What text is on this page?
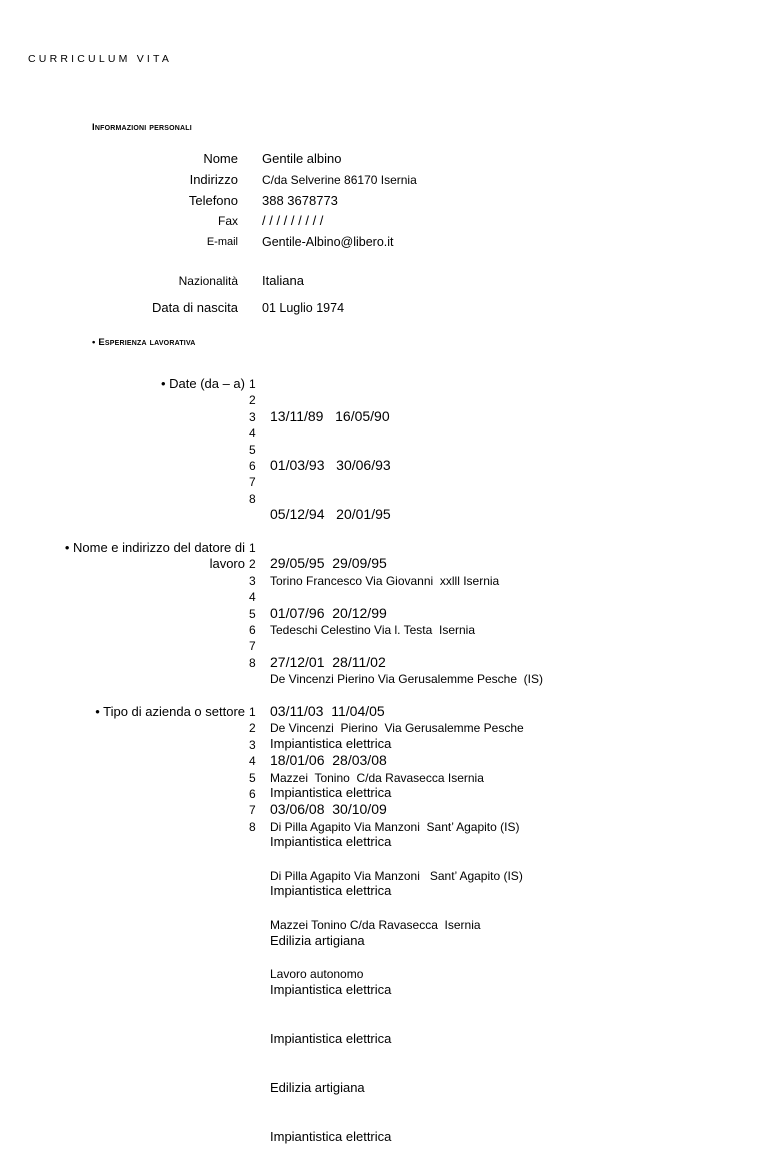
CURRICULUM VITA
Informazioni personali
Nome Gentile albino
Indirizzo C/da Selverine 86170 Isernia
Telefono 388 3678773
Fax / / / / / / / / /
E-mail Gentile-Albino@libero.it
Nazionalità Italiana
Data di nascita 01 Luglio 1974
• Esperienza lavorativa
• Date (da – a) 1
2
3
4
5
6
7
8

13/11/89   16/05/90

01/03/93   30/06/93

05/12/94   20/01/95

29/05/95  29/09/95

01/07/96  20/12/99

27/12/01  28/11/02

03/11/03  11/04/05

18/01/06  28/03/08

03/06/08  30/10/09

• Nome e indirizzo del datore di
lavoro
1
2
3
4
5
6
7
8

Torino Francesco Via Giovanni  xxlll Isernia

Tedeschi Celestino Via l. Testa  Isernia

De Vincenzi Pierino Via Gerusalemme Pesche  (IS)

De Vincenzi  Pierino  Via Gerusalemme Pesche

Mazzei  Tonino  C/da Ravasecca Isernia

Di Pilla Agapito Via Manzoni  Sant’ Agapito (IS)

Di Pilla Agapito Via Manzoni   Sant’ Agapito (IS)

Mazzei Tonino C/da Ravasecca  Isernia

Lavoro autonomo

• Tipo di azienda o settore 1
2
3
4
5
6
7
8

Impiantistica elettrica

Impiantistica elettrica

Impiantistica elettrica

Impiantistica elettrica

Edilizia artigiana

Impiantistica elettrica

Impiantistica elettrica

Edilizia artigiana

Impiantistica elettrica
